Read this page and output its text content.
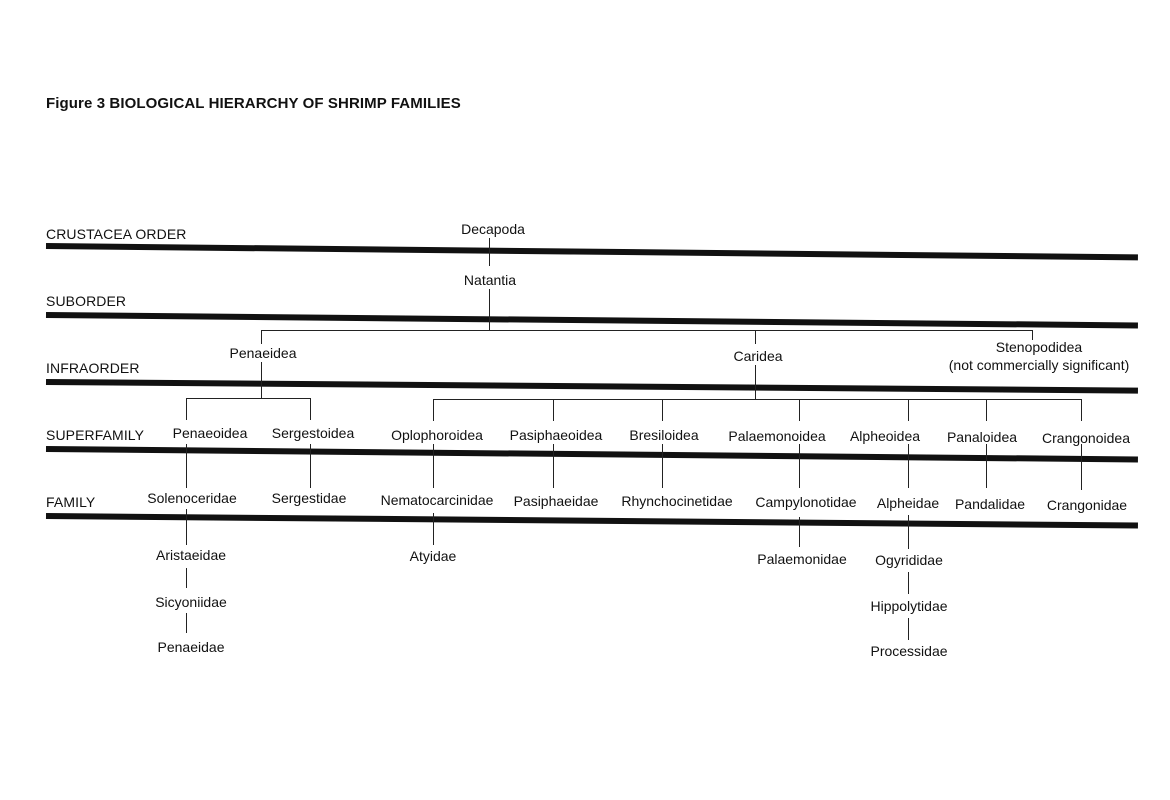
Figure 3 BIOLOGICAL HIERARCHY OF SHRIMP FAMILIES
CRUSTACEA ORDER
SUBORDER
INFRAORDER
SUPERFAMILY
FAMILY
Decapoda
Natantia
Penaeidea	Caridea
Stenopodidea
(not commercially significant)
Penaeoidea Sergestoidea	Oplophoroidea Pasiphaeoidea Bresiloidea Palaemonoidea Alpheoidea Panaloidea Crangonoidea
Solenoceridae Sergestidae Nematocarcinidae Pasiphaeidae Rhynchocinetidae Campylonotidae Alpheidae Pandalidae Crangonidae
Aristaeidae
Sicyoniidae
Penaeidae
Atyidae	Palaemonidae Ogyrididae
Hippolytidae
Processidae
